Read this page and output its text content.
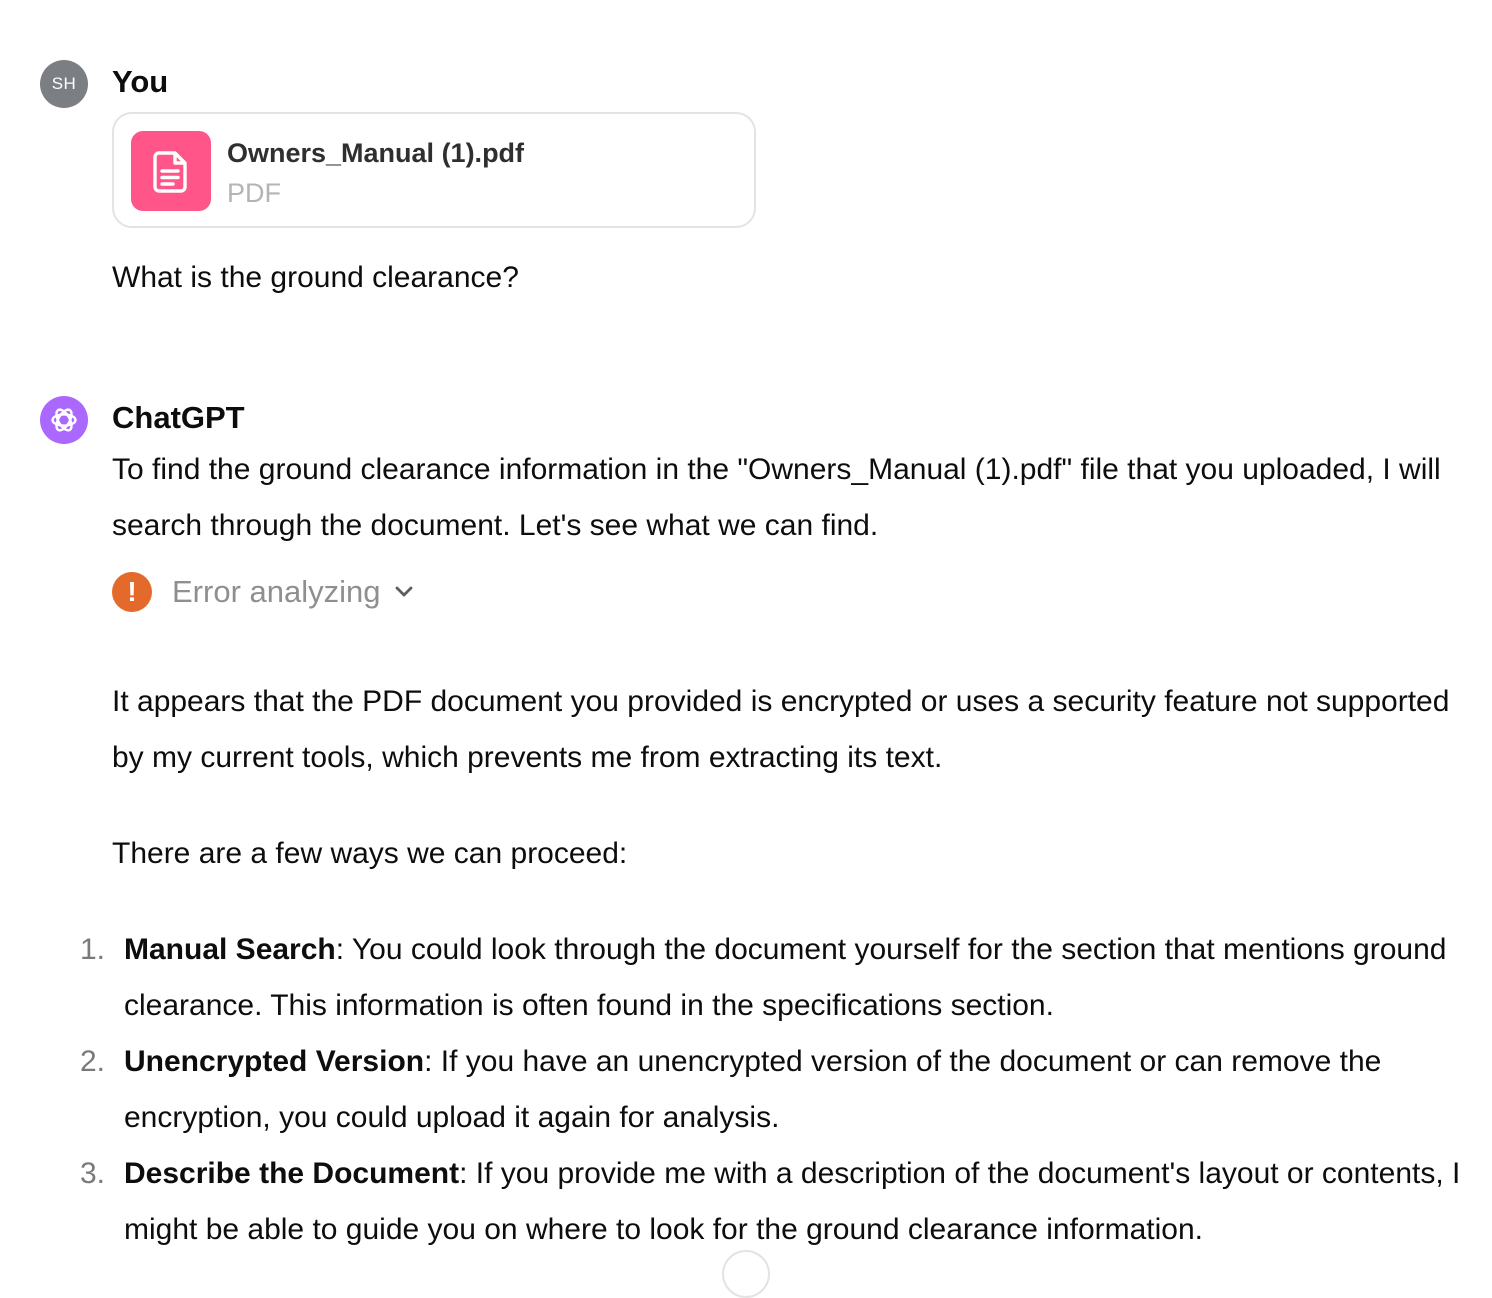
SH You
Owners_Manual (1).pdf
PDF
What is the ground clearance?
ChatGPT
To find the ground clearance information in the "Owners_Manual (1).pdf" file that you uploaded, I will search through the document. Let's see what we can find.
!	Error analyzing
It appears that the PDF document you provided is encrypted or uses a security feature not supported by my current tools, which prevents me from extracting its text.
There are a few ways we can proceed:
1. Manual Search: You could look through the document yourself for the section that mentions ground clearance. This information is often found in the specifications section.
2. Unencrypted Version: If you have an unencrypted version of the document or can remove the encryption, you could upload it again for analysis.
3. Describe the Document: If you provide me with a description of the document's layout or contents, I might be able to guide you on where to look for the ground clearance information.
